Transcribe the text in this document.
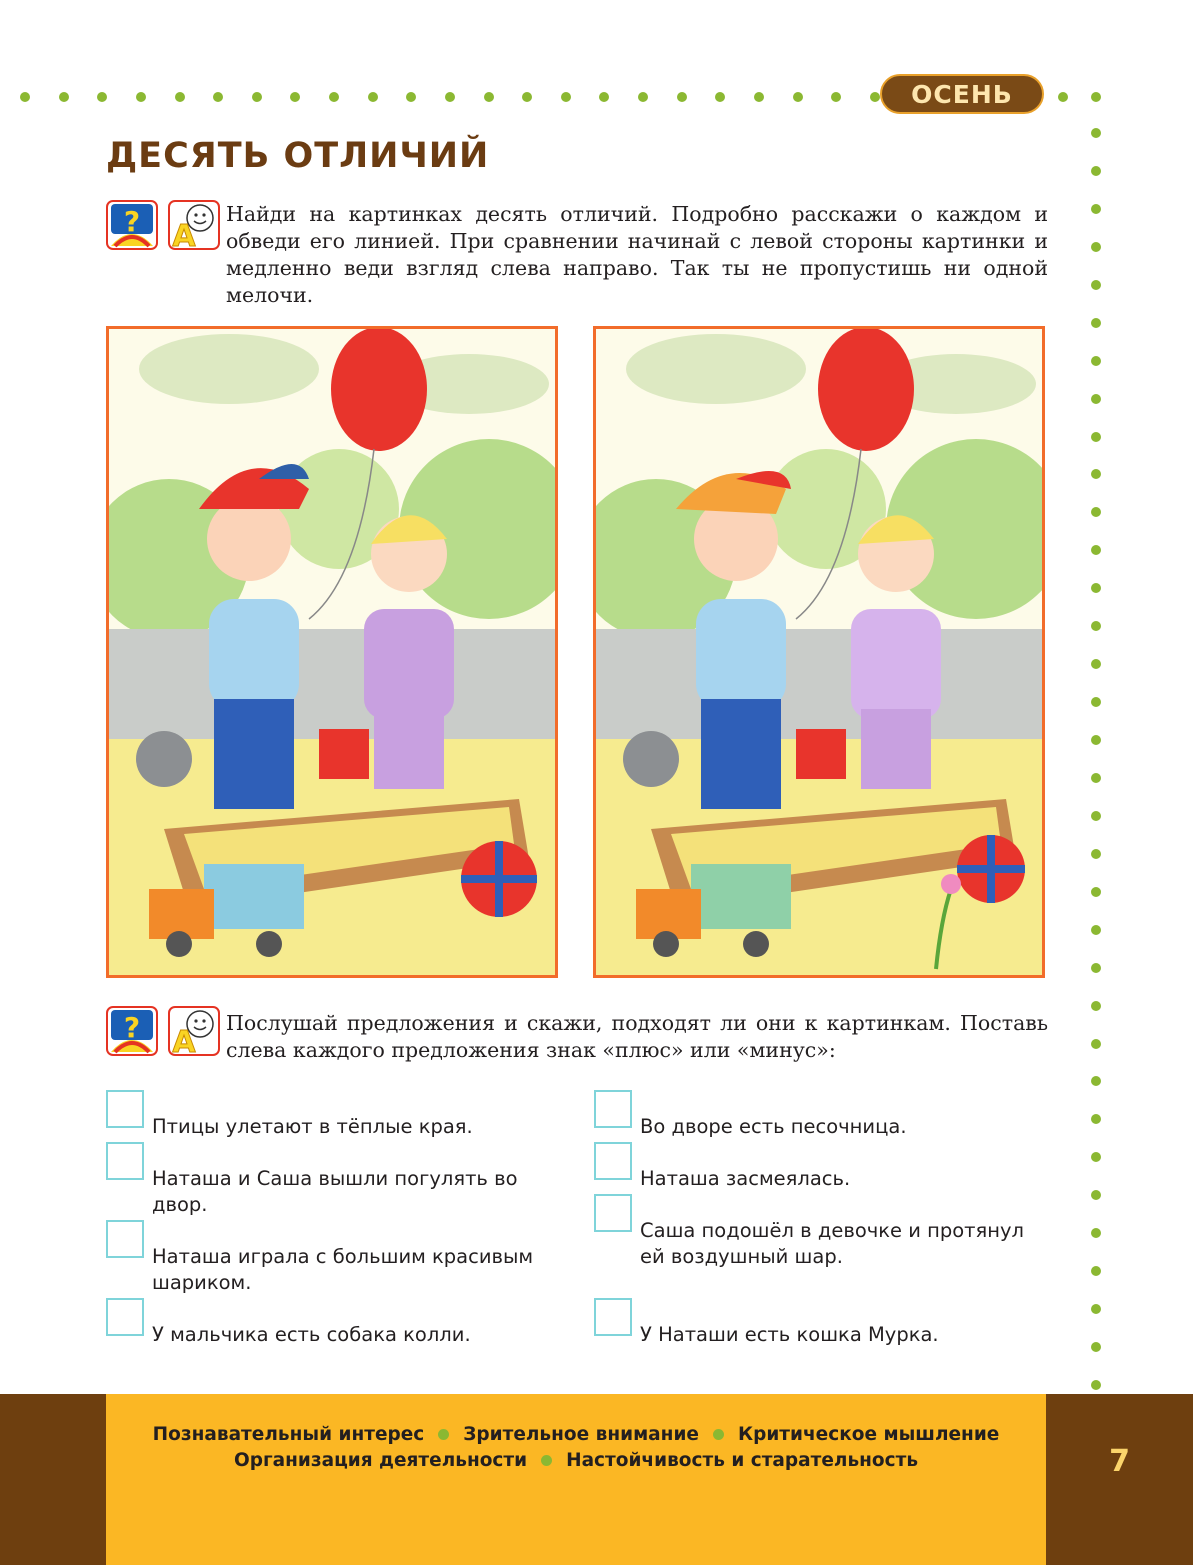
ОСЕНЬ
ДЕСЯТЬ ОТЛИЧИЙ
? A

Найди на картинках десять отличий. Подробно расскажи о каждом и обведи его линией. При сравнении начинай с левой стороны картинки и медленно веди взгляд слева направо. Так ты не пропустишь ни одной мелочи.

? A

Послушай предложения и скажи, подходят ли они к картинкам. Поставь слева каждого предложения знак «плюс» или «минус»:

Птицы улетают в тёплые края.
Наташа и Саша вышли погулять во двор.
Наташа играла с большим красивым шариком.
У мальчика есть собака колли.
Во дворе есть песочница.
Наташа засмеялась.
Саша подошёл в девочке и протянул ей воздушный шар.
У Наташи есть кошка Мурка.
Познавательный интерес Зрительное внимание Критическое мышление
Организация деятельности Настойчивость и старательность	7
